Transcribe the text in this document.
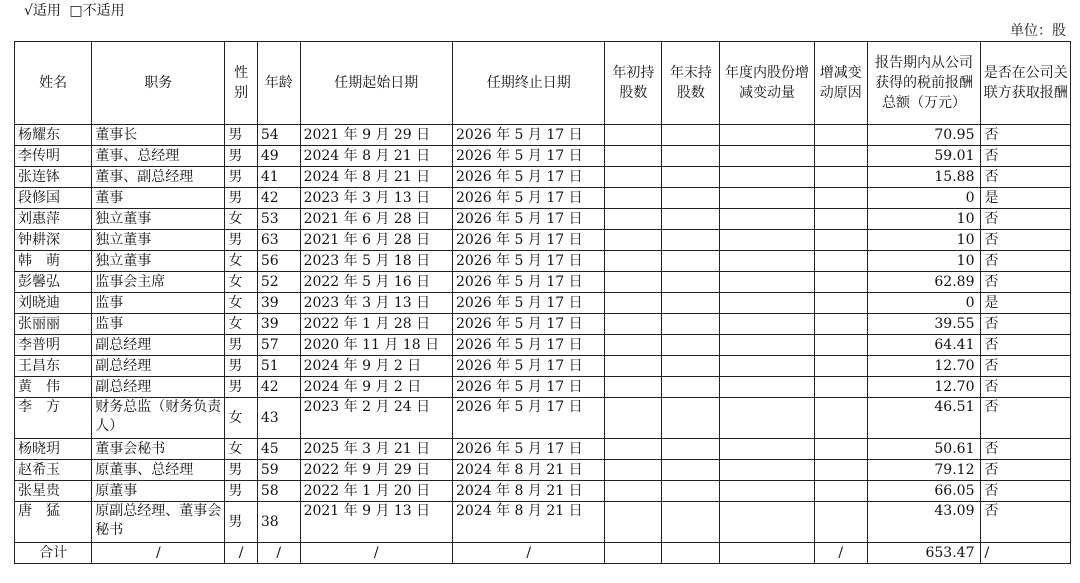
√适用 □不适用
单位：股
姓名	职务	性别	年龄	任期起始日期	任期终止日期	年初持股数	年末持股数	年度内股份增减变动量	增减变动原因	报告期内从公司获得的税前报酬总额（万元）	是否在公司关联方获取报酬
杨耀东	董事长	男	54	2021 年 9 月 29 日	2026 年 5 月 17 日					70.95	否
李传明	董事、总经理	男	49	2024 年 8 月 21 日	2026 年 5 月 17 日					59.01	否
张连钵	董事、副总经理	男	41	2024 年 8 月 21 日	2026 年 5 月 17 日					15.88	否
段修国	董事	男	42	2023 年 3 月 13 日	2026 年 5 月 17 日					0	是
刘惠萍	独立董事	女	53	2021 年 6 月 28 日	2026 年 5 月 17 日					10	否
钟耕深	独立董事	男	63	2021 年 6 月 28 日	2026 年 5 月 17 日					10	否
韩　萌	独立董事	女	56	2023 年 5 月 18 日	2026 年 5 月 17 日					10	否
彭馨弘	监事会主席	女	52	2022 年 5 月 16 日	2026 年 5 月 17 日					62.89	否
刘晓迪	监事	女	39	2023 年 3 月 13 日	2026 年 5 月 17 日					0	是
张丽丽	监事	女	39	2022 年 1 月 28 日	2026 年 5 月 17 日					39.55	否
李普明	副总经理	男	57	2020 年 11 月 18 日	2026 年 5 月 17 日					64.41	否
王昌东	副总经理	男	51	2024 年 9 月 2 日	2026 年 5 月 17 日					12.70	否
黄　伟	副总经理	男	42	2024 年 9 月 2 日	2026 年 5 月 17 日					12.70	否
李　方	财务总监（财务负责人）	女	43	2023 年 2 月 24 日	2026 年 5 月 17 日					46.51	否
杨晓玥	董事会秘书	女	45	2025 年 3 月 21 日	2026 年 5 月 17 日					50.61	否
赵希玉	原董事、总经理	男	59	2022 年 9 月 29 日	2024 年 8 月 21 日					79.12	否
张星贵	原董事	男	58	2022 年 1 月 20 日	2024 年 8 月 21 日					66.05	否
唐　猛	原副总经理、董事会秘书	男	38	2021 年 9 月 13 日	2024 年 8 月 21 日					43.09	否
合计	/	/	/	/	/				/	653.47	/
